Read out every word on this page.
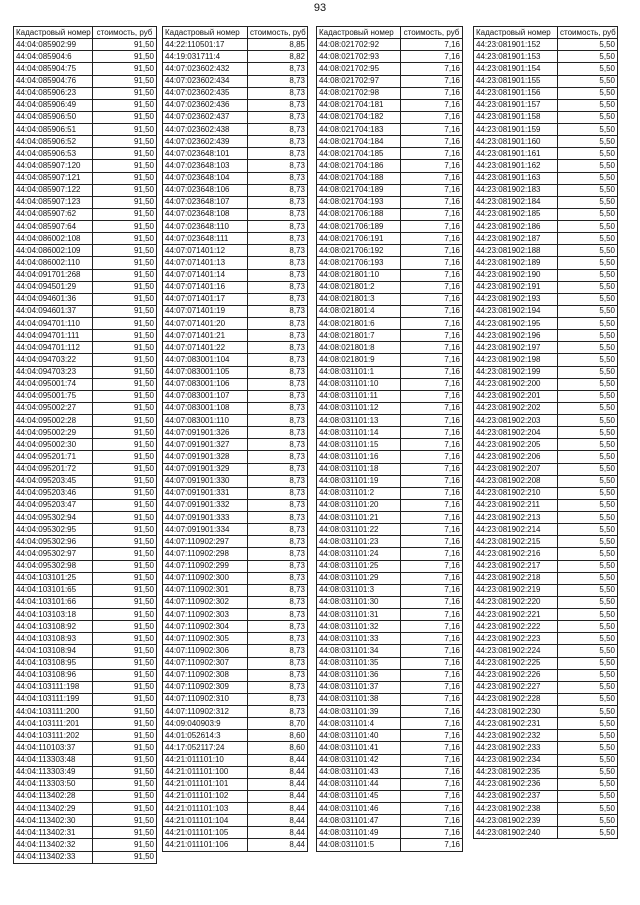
93
Кадастровый номер	стоимость, руб
44:04:085902:99	91,50
44:04:085904:6	91,50
44:04:085904:75	91,50
44:04:085904:76	91,50
44:04:085906:23	91,50
44:04:085906:49	91,50
44:04:085906:50	91,50
44:04:085906:51	91,50
44:04:085906:52	91,50
44:04:085906:53	91,50
44:04:085907:120	91,50
44:04:085907:121	91,50
44:04:085907:122	91,50
44:04:085907:123	91,50
44:04:085907:62	91,50
44:04:085907:64	91,50
44:04:086002:108	91,50
44:04:086002:109	91,50
44:04:086002:110	91,50
44:04:091701:268	91,50
44:04:094501:29	91,50
44:04:094601:36	91,50
44:04:094601:37	91,50
44:04:094701:110	91,50
44:04:094701:111	91,50
44:04:094701:112	91,50
44:04:094703:22	91,50
44:04:094703:23	91,50
44:04:095001:74	91,50
44:04:095001:75	91,50
44:04:095002:27	91,50
44:04:095002:28	91,50
44:04:095002:29	91,50
44:04:095002:30	91,50
44:04:095201:71	91,50
44:04:095201:72	91,50
44:04:095203:45	91,50
44:04:095203:46	91,50
44:04:095203:47	91,50
44:04:095302:94	91,50
44:04:095302:95	91,50
44:04:095302:96	91,50
44:04:095302:97	91,50
44:04:095302:98	91,50
44:04:103101:25	91,50
44:04:103101:65	91,50
44:04:103101:66	91,50
44:04:103103:18	91,50
44:04:103108:92	91,50
44:04:103108:93	91,50
44:04:103108:94	91,50
44:04:103108:95	91,50
44:04:103108:96	91,50
44:04:103111:198	91,50
44:04:103111:199	91,50
44:04:103111:200	91,50
44:04:103111:201	91,50
44:04:103111:202	91,50
44:04:110103:37	91,50
44:04:113303:48	91,50
44:04:113303:49	91,50
44:04:113303:50	91,50
44:04:113402:28	91,50
44:04:113402:29	91,50
44:04:113402:30	91,50
44:04:113402:31	91,50
44:04:113402:32	91,50
44:04:113402:33	91,50
Кадастровый номер	стоимость, руб
44:22:110501:17	8,85
44:19:031711:4	8,82
44:07:023602:432	8,73
44:07:023602:434	8,73
44:07:023602:435	8,73
44:07:023602:436	8,73
44:07:023602:437	8,73
44:07:023602:438	8,73
44:07:023602:439	8,73
44:07:023648:101	8,73
44:07:023648:103	8,73
44:07:023648:104	8,73
44:07:023648:106	8,73
44:07:023648:107	8,73
44:07:023648:108	8,73
44:07:023648:110	8,73
44:07:023648:111	8,73
44:07:071401:12	8,73
44:07:071401:13	8,73
44:07:071401:14	8,73
44:07:071401:16	8,73
44:07:071401:17	8,73
44:07:071401:19	8,73
44:07:071401:20	8,73
44:07:071401:21	8,73
44:07:071401:22	8,73
44:07:083001:104	8,73
44:07:083001:105	8,73
44:07:083001:106	8,73
44:07:083001:107	8,73
44:07:083001:108	8,73
44:07:083001:110	8,73
44:07:091901:326	8,73
44:07:091901:327	8,73
44:07:091901:328	8,73
44:07:091901:329	8,73
44:07:091901:330	8,73
44:07:091901:331	8,73
44:07:091901:332	8,73
44:07:091901:333	8,73
44:07:091901:334	8,73
44:07:110902:297	8,73
44:07:110902:298	8,73
44:07:110902:299	8,73
44:07:110902:300	8,73
44:07:110902:301	8,73
44:07:110902:302	8,73
44:07:110902:303	8,73
44:07:110902:304	8,73
44:07:110902:305	8,73
44:07:110902:306	8,73
44:07:110902:307	8,73
44:07:110902:308	8,73
44:07:110902:309	8,73
44:07:110902:310	8,73
44:07:110902:312	8,73
44:09:040903:9	8,70
44:01:052614:3	8,60
44:17:052117:24	8,60
44:21:011101:10	8,44
44:21:011101:100	8,44
44:21:011101:101	8,44
44:21:011101:102	8,44
44:21:011101:103	8,44
44:21:011101:104	8,44
44:21:011101:105	8,44
44:21:011101:106	8,44
Кадастровый номер	стоимость, руб
44:08:021702:92	7,16
44:08:021702:93	7,16
44:08:021702:95	7,16
44:08:021702:97	7,16
44:08:021702:98	7,16
44:08:021704:181	7,16
44:08:021704:182	7,16
44:08:021704:183	7,16
44:08:021704:184	7,16
44:08:021704:185	7,16
44:08:021704:186	7,16
44:08:021704:188	7,16
44:08:021704:189	7,16
44:08:021704:193	7,16
44:08:021706:188	7,16
44:08:021706:189	7,16
44:08:021706:191	7,16
44:08:021706:192	7,16
44:08:021706:193	7,16
44:08:021801:10	7,16
44:08:021801:2	7,16
44:08:021801:3	7,16
44:08:021801:4	7,16
44:08:021801:6	7,16
44:08:021801:7	7,16
44:08:021801:8	7,16
44:08:021801:9	7,16
44:08:031101:1	7,16
44:08:031101:10	7,16
44:08:031101:11	7,16
44:08:031101:12	7,16
44:08:031101:13	7,16
44:08:031101:14	7,16
44:08:031101:15	7,16
44:08:031101:16	7,16
44:08:031101:18	7,16
44:08:031101:19	7,16
44:08:031101:2	7,16
44:08:031101:20	7,16
44:08:031101:21	7,16
44:08:031101:22	7,16
44:08:031101:23	7,16
44:08:031101:24	7,16
44:08:031101:25	7,16
44:08:031101:29	7,16
44:08:031101:3	7,16
44:08:031101:30	7,16
44:08:031101:31	7,16
44:08:031101:32	7,16
44:08:031101:33	7,16
44:08:031101:34	7,16
44:08:031101:35	7,16
44:08:031101:36	7,16
44:08:031101:37	7,16
44:08:031101:38	7,16
44:08:031101:39	7,16
44:08:031101:4	7,16
44:08:031101:40	7,16
44:08:031101:41	7,16
44:08:031101:42	7,16
44:08:031101:43	7,16
44:08:031101:44	7,16
44:08:031101:45	7,16
44:08:031101:46	7,16
44:08:031101:47	7,16
44:08:031101:49	7,16
44:08:031101:5	7,16
Кадастровый номер	стоимость, руб
44:23:081901:152	5,50
44:23:081901:153	5,50
44:23:081901:154	5,50
44:23:081901:155	5,50
44:23:081901:156	5,50
44:23:081901:157	5,50
44:23:081901:158	5,50
44:23:081901:159	5,50
44:23:081901:160	5,50
44:23:081901:161	5,50
44:23:081901:162	5,50
44:23:081901:163	5,50
44:23:081902:183	5,50
44:23:081902:184	5,50
44:23:081902:185	5,50
44:23:081902:186	5,50
44:23:081902:187	5,50
44:23:081902:188	5,50
44:23:081902:189	5,50
44:23:081902:190	5,50
44:23:081902:191	5,50
44:23:081902:193	5,50
44:23:081902:194	5,50
44:23:081902:195	5,50
44:23:081902:196	5,50
44:23:081902:197	5,50
44:23:081902:198	5,50
44:23:081902:199	5,50
44:23:081902:200	5,50
44:23:081902:201	5,50
44:23:081902:202	5,50
44:23:081902:203	5,50
44:23:081902:204	5,50
44:23:081902:205	5,50
44:23:081902:206	5,50
44:23:081902:207	5,50
44:23:081902:208	5,50
44:23:081902:210	5,50
44:23:081902:211	5,50
44:23:081902:213	5,50
44:23:081902:214	5,50
44:23:081902:215	5,50
44:23:081902:216	5,50
44:23:081902:217	5,50
44:23:081902:218	5,50
44:23:081902:219	5,50
44:23:081902:220	5,50
44:23:081902:221	5,50
44:23:081902:222	5,50
44:23:081902:223	5,50
44:23:081902:224	5,50
44:23:081902:225	5,50
44:23:081902:226	5,50
44:23:081902:227	5,50
44:23:081902:228	5,50
44:23:081902:230	5,50
44:23:081902:231	5,50
44:23:081902:232	5,50
44:23:081902:233	5,50
44:23:081902:234	5,50
44:23:081902:235	5,50
44:23:081902:236	5,50
44:23:081902:237	5,50
44:23:081902:238	5,50
44:23:081902:239	5,50
44:23:081902:240	5,50
